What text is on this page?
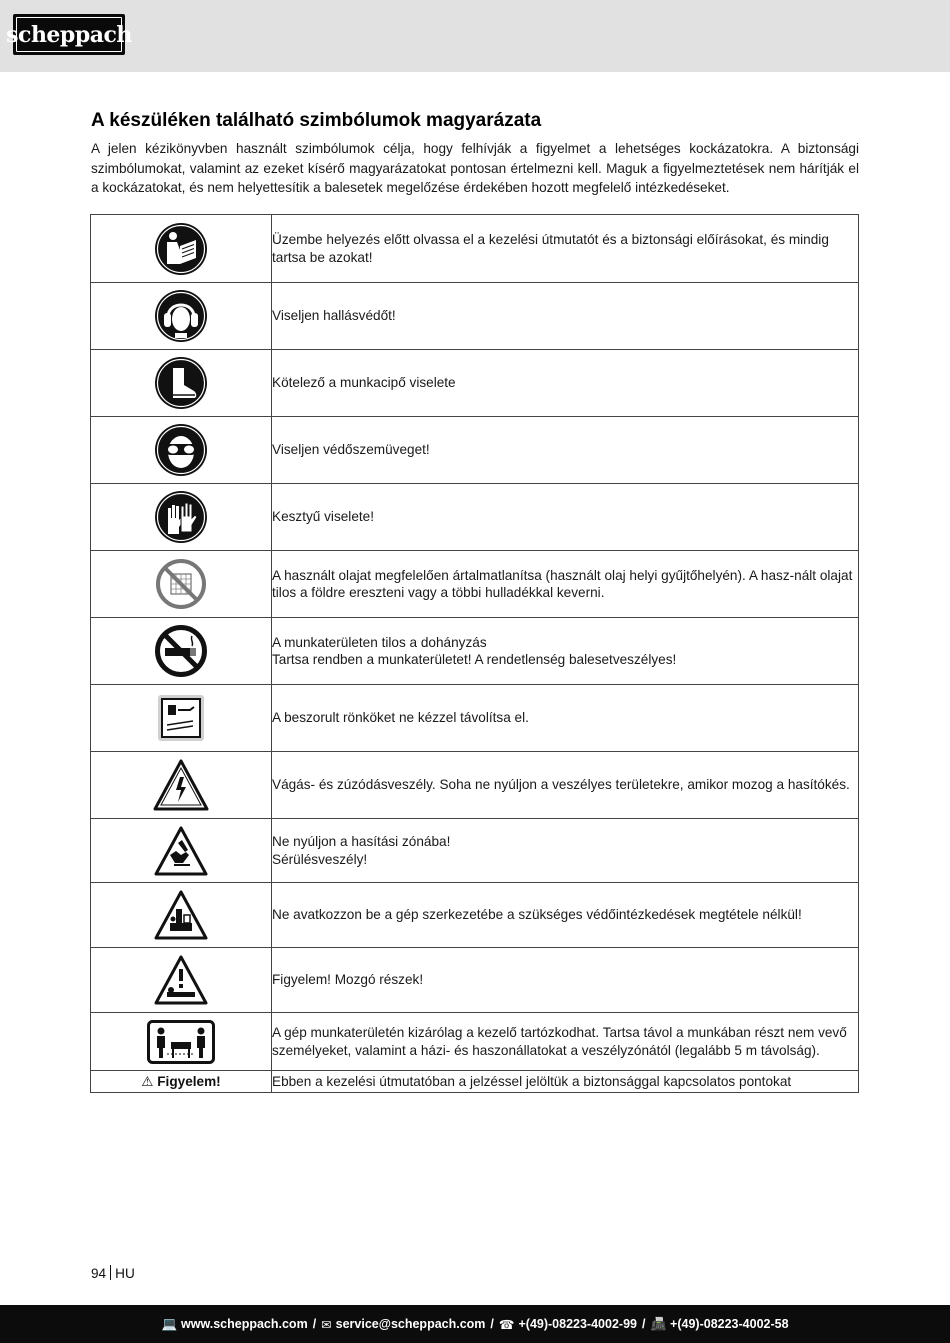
scheppach
A készüléken található szimbólumok magyarázata

A jelen kézikönyvben használt szimbólumok célja, hogy felhívják a figyelmet a lehetséges kockázatokra. A biztonsági szimbólumokat, valamint az ezeket kísérő magyarázatokat pontosan értelmezni kell. Maguk a figyelmeztetések nem hárítják el a kockázatokat, és nem helyettesítik a balesetek megelőzése érdekében hozott megfelelő intézkedéseket.

	Üzembe helyezés előtt olvassa el a kezelési útmutatót és a biztonsági előírásokat, és mindig tartsa be azokat!

	Viseljen hallásvédőt!

	Kötelező a munkacipő viselete

	Viseljen védőszemüveget!

	Kesztyű viselete!

	A használt olajat megfelelően ártalmatlanítsa (használt olaj helyi gyűjtőhelyén). A hasz-nált olajat tilos a földre ereszteni vagy a többi hulladékkal keverni.

A munkaterületen tilos a dohányzás
Tartsa rendben a munkaterületet! A rendetlenség balesetveszélyes!

	A beszorult rönköket ne kézzel távolítsa el.

	Vágás- és zúzódásveszély. Soha ne nyúljon a veszélyes területekre, amikor mozog a hasítókés.

Ne nyúljon a hasítási zónába!
Sérülésveszély!

	Ne avatkozzon be a gép szerkezetébe a szükséges védőintézkedések megtétele nélkül!

	Figyelem! Mozgó részek!

	A gép munkaterületén kizárólag a kezelő tartózkodhat. Tartsa távol a munkában részt nem vevő személyeket, valamint a házi- és haszonállatokat a veszélyzónától (legalább 5 m távolság).
⚠ Figyelem!	Ebben a kezelési útmutatóban a jelzéssel jelöltük a biztonsággal kapcsolatos pontokat
94 HU
💻 www.scheppach.com / ✉ service@scheppach.com / ☎ +(49)-08223-4002-99 / 📠 +(49)-08223-4002-58
